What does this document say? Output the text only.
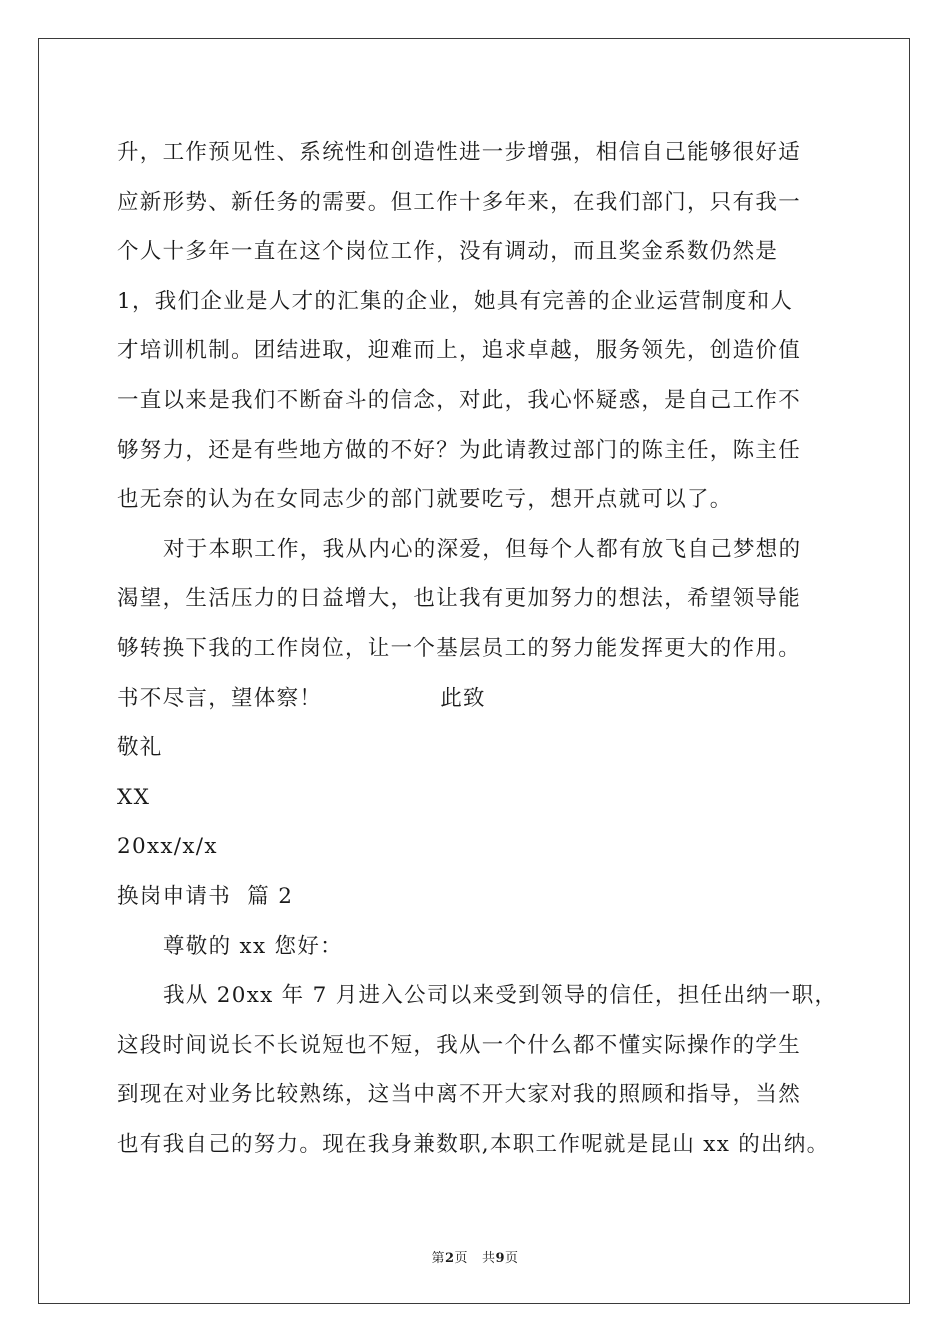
升，工作预见性、系统性和创造性进一步增强，相信自己能够很好适
应新形势、新任务的需要。但工作十多年来，在我们部门，只有我一
个人十多年一直在这个岗位工作，没有调动，而且奖金系数仍然是
1，我们企业是人才的汇集的企业，她具有完善的企业运营制度和人
才培训机制。团结进取，迎难而上，追求卓越，服务领先，创造价值
一直以来是我们不断奋斗的信念，对此，我心怀疑惑，是自己工作不
够努力，还是有些地方做的不好？为此请教过部门的陈主任，陈主任
也无奈的认为在女同志少的部门就要吃亏，想开点就可以了。
对于本职工作，我从内心的深爱，但每个人都有放飞自己梦想的
渴望，生活压力的日益增大，也让我有更加努力的想法，希望领导能
够转换下我的工作岗位，让一个基层员工的努力能发挥更大的作用。
书不尽言，望体察！	此致
敬礼
XX
20xx/x/x
换岗申请书  篇 2
尊敬的 xx 您好：
我从 20xx 年 7 月进入公司以来受到领导的信任，担任出纳一职，
这段时间说长不长说短也不短，我从一个什么都不懂实际操作的学生
到现在对业务比较熟练，这当中离不开大家对我的照顾和指导，当然
也有我自己的努力。现在我身兼数职,本职工作呢就是昆山 xx 的出纳。
第2页 共9页
